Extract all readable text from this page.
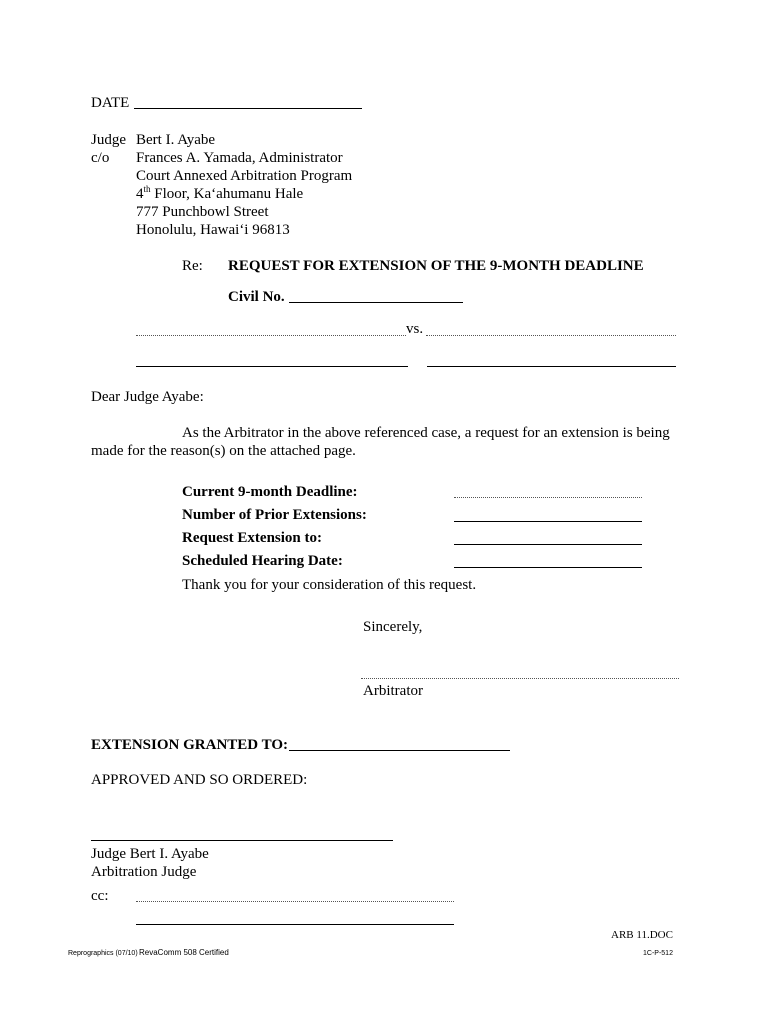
DATE
Judge Bert I. Ayabe
c/o Frances A. Yamada, Administrator
Court Annexed Arbitration Program
4th Floor, Ka‘ahumanu Hale
777 Punchbowl Street
Honolulu, Hawai‘i 96813
Re: REQUEST FOR EXTENSION OF THE 9-MONTH DEADLINE
Civil No.
vs.
Dear Judge Ayabe:
As the Arbitrator in the above referenced case, a request for an extension is being
made for the reason(s) on the attached page.
Current 9-month Deadline:
Number of Prior Extensions:
Request Extension to:
Scheduled Hearing Date:
Thank you for your consideration of this request.
Sincerely,
Arbitrator
EXTENSION GRANTED TO:
APPROVED AND SO ORDERED:
Judge Bert I. Ayabe
Arbitration Judge
cc:
ARB 11.DOC
Reprographics (07/10) RevaComm 508 Certified	1C-P-512
